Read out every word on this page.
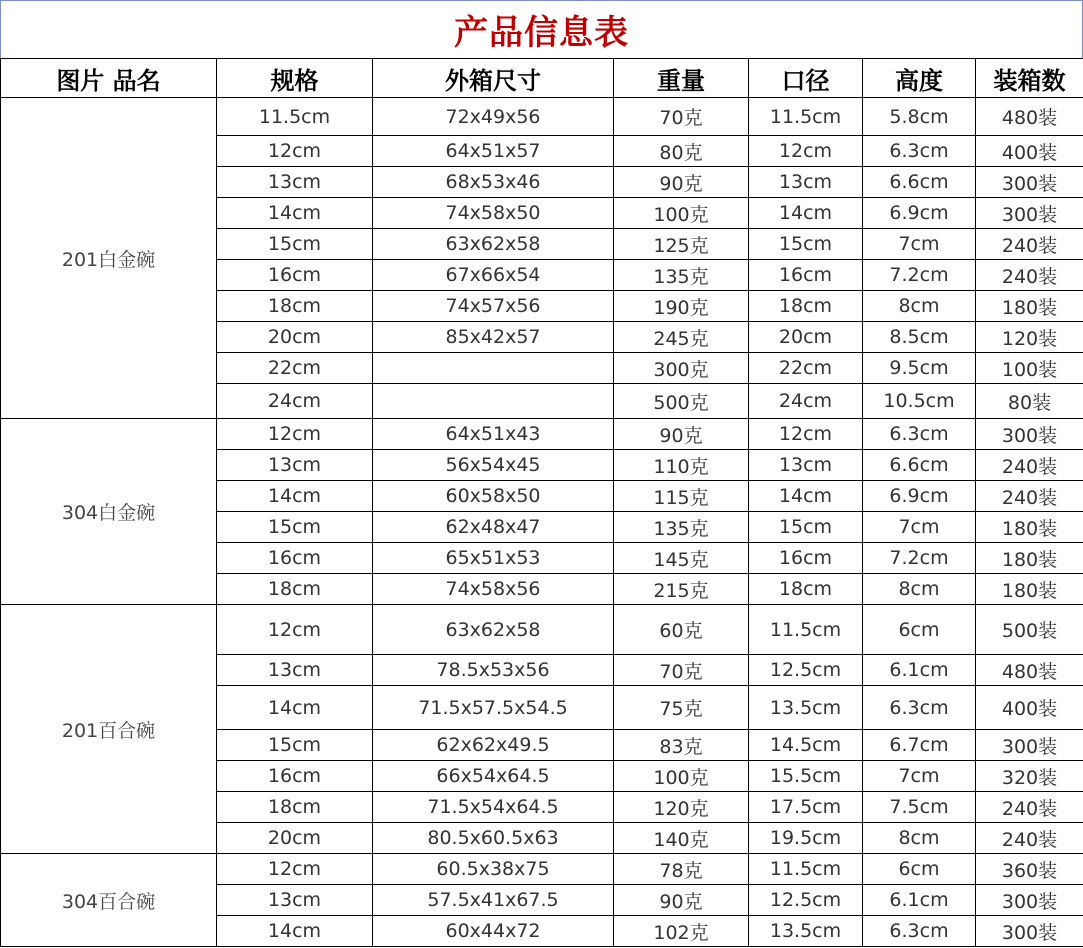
产品信息表
图片 品名	规格	外箱尺寸	重量	口径	高度	装箱数
201白金碗	11.5cm	72x49x56	70克	11.5cm	5.8cm	480装
	12cm	64x51x57	80克	12cm	6.3cm	400装
	13cm	68x53x46	90克	13cm	6.6cm	300装
	14cm	74x58x50	100克	14cm	6.9cm	300装
	15cm	63x62x58	125克	15cm	7cm	240装
	16cm	67x66x54	135克	16cm	7.2cm	240装
	18cm	74x57x56	190克	18cm	8cm	180装
	20cm	85x42x57	245克	20cm	8.5cm	120装
	22cm		300克	22cm	9.5cm	100装
	24cm		500克	24cm	10.5cm	80装
304白金碗	12cm	64x51x43	90克	12cm	6.3cm	300装
	13cm	56x54x45	110克	13cm	6.6cm	240装
	14cm	60x58x50	115克	14cm	6.9cm	240装
	15cm	62x48x47	135克	15cm	7cm	180装
	16cm	65x51x53	145克	16cm	7.2cm	180装
	18cm	74x58x56	215克	18cm	8cm	180装
201百合碗	12cm	63x62x58	60克	11.5cm	6cm	500装
	13cm	78.5x53x56	70克	12.5cm	6.1cm	480装
	14cm	71.5x57.5x54.5	75克	13.5cm	6.3cm	400装
	15cm	62x62x49.5	83克	14.5cm	6.7cm	300装
	16cm	66x54x64.5	100克	15.5cm	7cm	320装
	18cm	71.5x54x64.5	120克	17.5cm	7.5cm	240装
	20cm	80.5x60.5x63	140克	19.5cm	8cm	240装
304百合碗	12cm	60.5x38x75	78克	11.5cm	6cm	360装
	13cm	57.5x41x67.5	90克	12.5cm	6.1cm	300装
	14cm	60x44x72	102克	13.5cm	6.3cm	300装
